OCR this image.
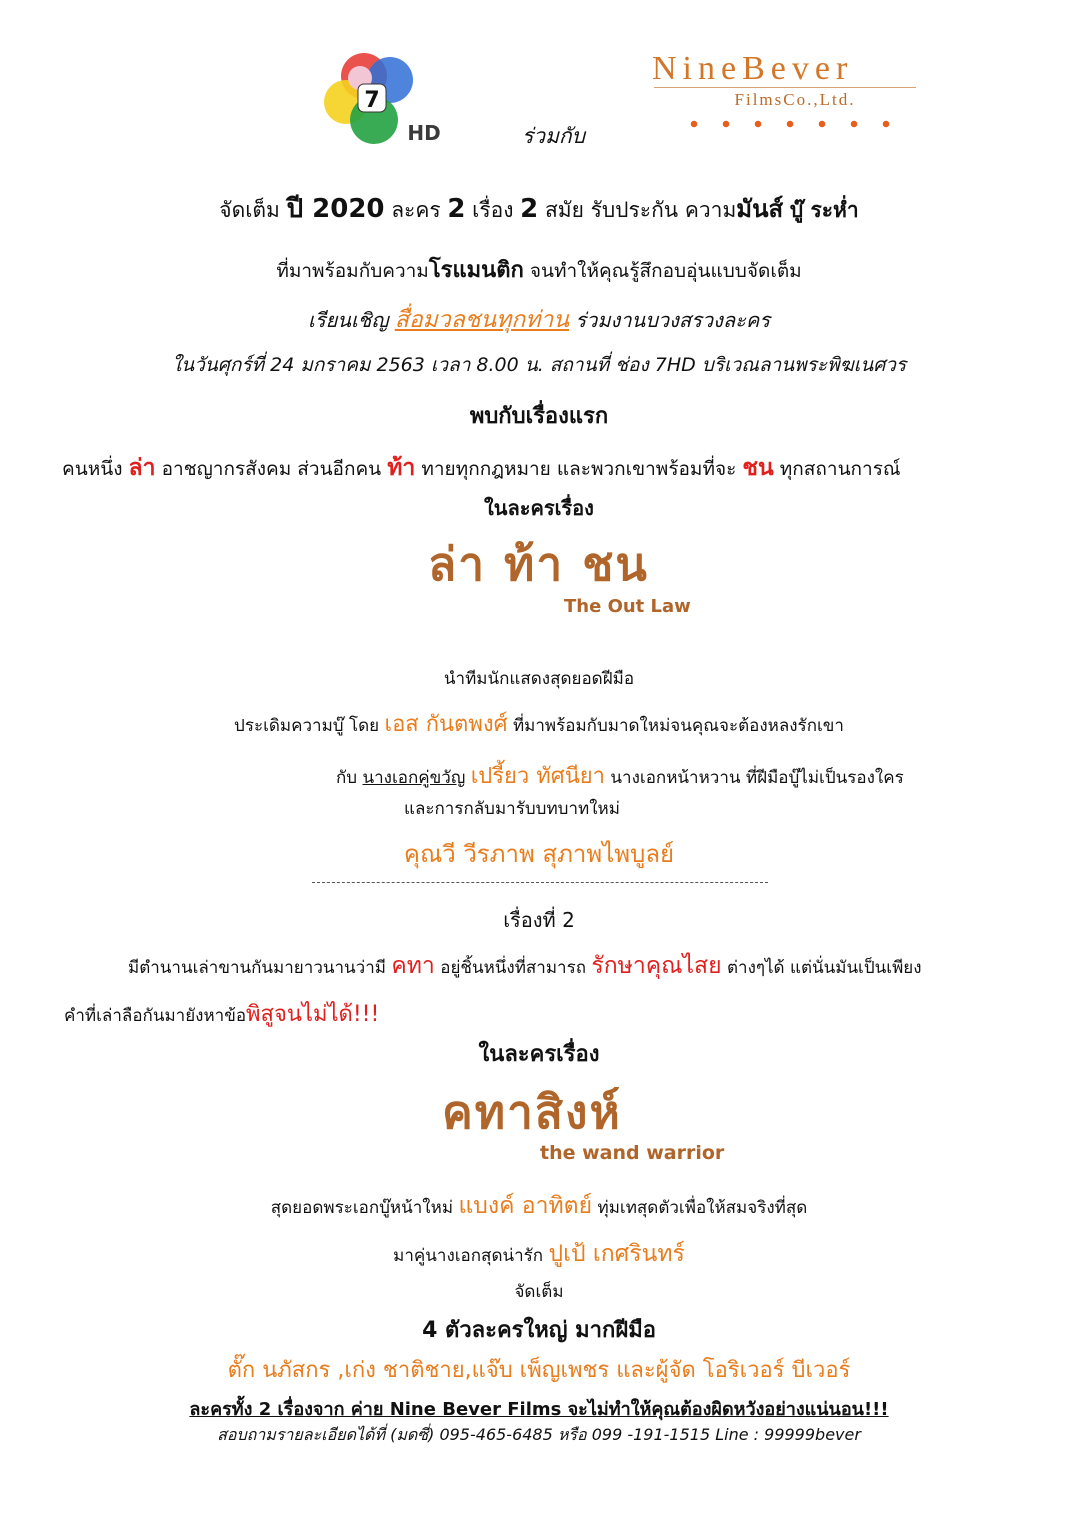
7
HD
NineBever
FilmsCo.,Ltd.
ร่วมกับ
จัดเต็ม ปี 2020 ละคร 2 เรื่อง 2 สมัย รับประกัน ความมันส์ บู๊ ระห่ำ
ที่มาพร้อมกับความโรแมนติก จนทำให้คุณรู้สึกอบอุ่นแบบจัดเต็ม
เรียนเชิญ สื่อมวลชนทุกท่าน ร่วมงานบวงสรวงละคร
ในวันศุกร์ที่ 24 มกราคม 2563 เวลา 8.00 น. สถานที่ ช่อง 7HD บริเวณลานพระพิฆเนศวร
พบกับเรื่องแรก
คนหนึ่ง ล่า อาชญากรสังคม ส่วนอีกคน ท้า ทายทุกกฎหมาย และพวกเขาพร้อมที่จะ ชน ทุกสถานการณ์
ในละครเรื่อง
ล่า ท้า ชน
The Out Law
นำทีมนักแสดงสุดยอดฝีมือ
ประเดิมความบู๊ โดย เอส กันตพงศ์ ที่มาพร้อมกับมาดใหม่จนคุณจะต้องหลงรักเขา
กับ นางเอกคู่ขวัญ เปรี้ยว ทัศนียา นางเอกหน้าหวาน ที่ฝีมือบู๊ไม่เป็นรองใคร
และการกลับมารับบทบาทใหม่
คุณวี วีรภาพ สุภาพไพบูลย์
เรื่องที่ 2
มีตำนานเล่าขานกันมายาวนานว่ามี คทา อยู่ชิ้นหนึ่งที่สามารถ รักษาคุณไสย ต่างๆได้ แต่นั่นมันเป็นเพียง
คำที่เล่าลือกันมายังหาข้อพิสูจนไม่ได้!!!
ในละครเรื่อง
คทาสิงห์
the wand warrior
สุดยอดพระเอกบู๊หน้าใหม่ แบงค์ อาทิตย์ ทุ่มเทสุดตัวเพื่อให้สมจริงที่สุด
มาคู่นางเอกสุดน่ารัก ปูเป้ เกศรินทร์
จัดเต็ม
4 ตัวละครใหญ่ มากฝีมือ
ตั๊ก นภัสกร ,เก่ง ชาติชาย,แจ๊บ เพ็ญเพชร และผู้จัด โอริเวอร์ บีเวอร์
ละครทั้ง 2 เรื่องจาก ค่าย Nine Bever Films จะไม่ทำให้คุณต้องผิดหวังอย่างแน่นอน!!!
สอบถามรายละเอียดได้ที่ (มดซี่) 095-465-6485 หรือ 099 -191-1515 Line : 99999bever
